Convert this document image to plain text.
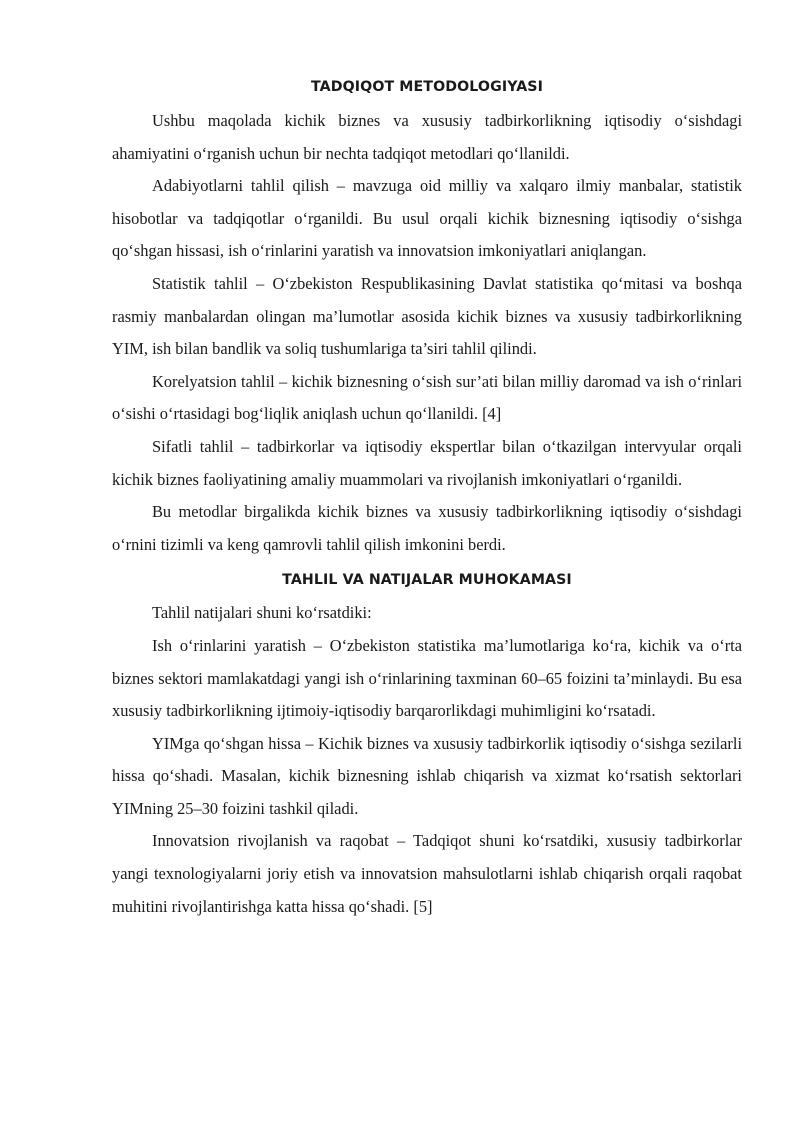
TADQIQOT METODOLOGIYASI

Ushbu maqolada kichik biznes va xususiy tadbirkorlikning iqtisodiy o‘sishdagi ahamiyatini o‘rganish uchun bir nechta tadqiqot metodlari qo‘llanildi.

Adabiyotlarni tahlil qilish – mavzuga oid milliy va xalqaro ilmiy manbalar, statistik hisobotlar va tadqiqotlar o‘rganildi. Bu usul orqali kichik biznesning iqtisodiy o‘sishga qo‘shgan hissasi, ish o‘rinlarini yaratish va innovatsion imkoniyatlari aniqlangan.

Statistik tahlil – O‘zbekiston Respublikasining Davlat statistika qo‘mitasi va boshqa rasmiy manbalardan olingan ma’lumotlar asosida kichik biznes va xususiy tadbirkorlikning YIM, ish bilan bandlik va soliq tushumlariga ta’siri tahlil qilindi.

Korelyatsion tahlil – kichik biznesning o‘sish sur’ati bilan milliy daromad va ish o‘rinlari o‘sishi o‘rtasidagi bog‘liqlik aniqlash uchun qo‘llanildi. [4]

Sifatli tahlil – tadbirkorlar va iqtisodiy ekspertlar bilan o‘tkazilgan intervyular orqali kichik biznes faoliyatining amaliy muammolari va rivojlanish imkoniyatlari o‘rganildi.

Bu metodlar birgalikda kichik biznes va xususiy tadbirkorlikning iqtisodiy o‘sishdagi o‘rnini tizimli va keng qamrovli tahlil qilish imkonini berdi.

TAHLIL VA NATIJALAR MUHOKAMASI

Tahlil natijalari shuni ko‘rsatdiki:

Ish o‘rinlarini yaratish – O‘zbekiston statistika ma’lumotlariga ko‘ra, kichik va o‘rta biznes sektori mamlakatdagi yangi ish o‘rinlarining taxminan 60–65 foizini ta’minlaydi. Bu esa xususiy tadbirkorlikning ijtimoiy-iqtisodiy barqarorlikdagi muhimligini ko‘rsatadi.

YIMga qo‘shgan hissa – Kichik biznes va xususiy tadbirkorlik iqtisodiy o‘sishga sezilarli hissa qo‘shadi. Masalan, kichik biznesning ishlab chiqarish va xizmat ko‘rsatish sektorlari YIMning 25–30 foizini tashkil qiladi.

Innovatsion rivojlanish va raqobat – Tadqiqot shuni ko‘rsatdiki, xususiy tadbirkorlar yangi texnologiyalarni joriy etish va innovatsion mahsulotlarni ishlab chiqarish orqali raqobat muhitini rivojlantirishga katta hissa qo‘shadi. [5]
